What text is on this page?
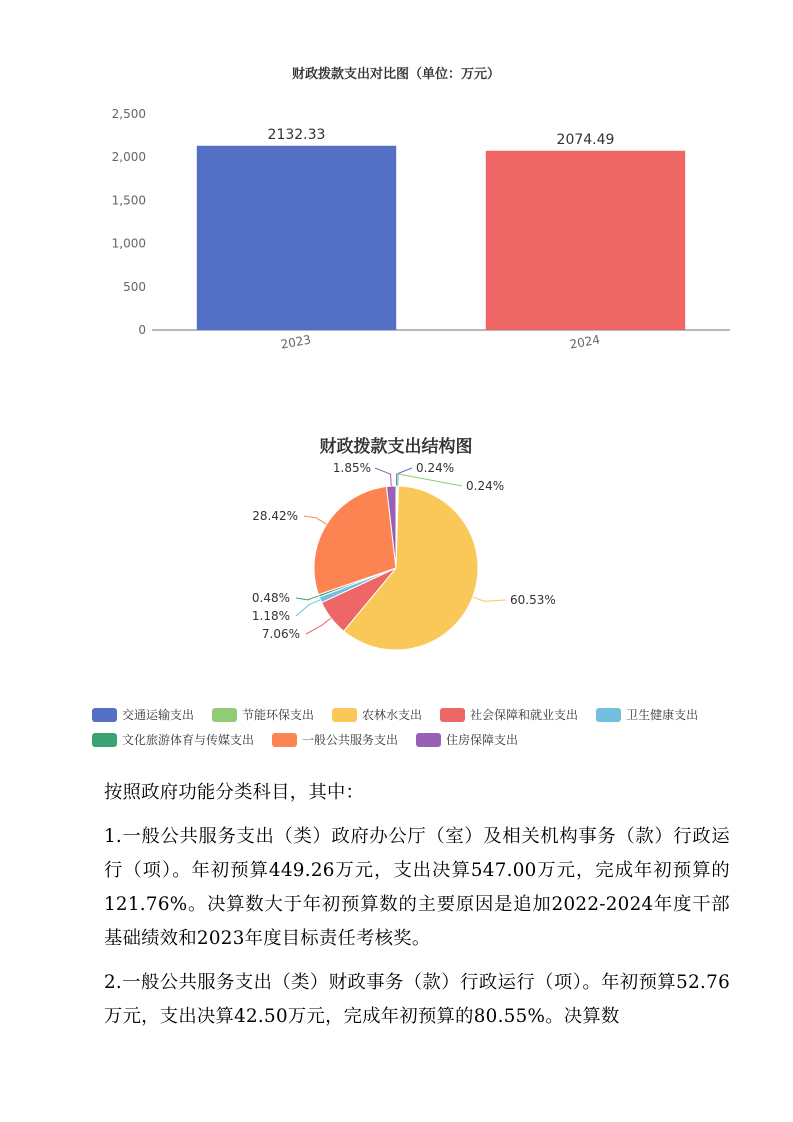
财政拨款支出对比图（单位：万元）
0
500
1,000
1,500
2,000
2,500
2132.33
2023
2074.49
2024
财政拨款支出结构图
0.24%
0.24%
60.53%
7.06%
1.18%
0.48%
28.42%
1.85%
交通运输支出	节能环保支出	农林水支出	社会保障和就业支出	卫生健康支出
文化旅游体育与传媒支出	一般公共服务支出	住房保障支出

按照政府功能分类科目，其中：

1.一般公共服务支出（类）政府办公厅（室）及相关机构事务（款）行政运行（项）。年初预算449.26万元，支出决算547.00万元，完成年初预算的121.76%。决算数大于年初预算数的主要原因是追加2022-2024年度干部基础绩效和2023年度目标责任考核奖。

2.一般公共服务支出（类）财政事务（款）行政运行（项）。年初预算52.76万元，支出决算42.50万元，完成年初预算的80.55%。决算数
